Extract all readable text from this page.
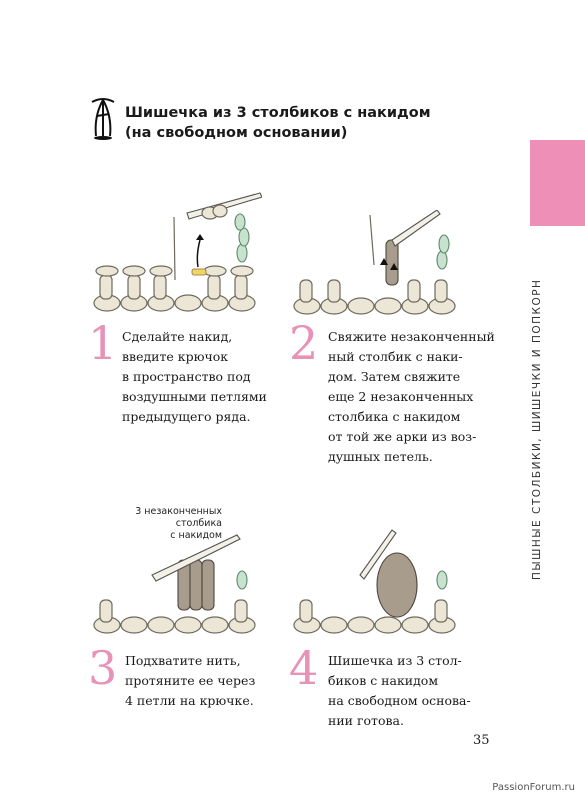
Шишечка из 3 столбиков с накидом
(на свободном основании)
ПЫШНЫЕ СТОЛБИКИ, ШИШЕЧКИ И ПОПКОРН
3 незаконченных
столбика
с накидом
1 Сделайте накид,
введите крючок
в пространство под
воздушными петлями
предыдущего ряда.
2 Свяжите незаконченный
ный столбик с наки-
дом. Затем свяжите
еще 2 незаконченных
столбика с накидом
от той же арки из воз-
душных петель.
3 Подхватите нить,
протяните ее через
4 петли на крючке.
4 Шишечка из 3 стол-
биков с накидом
на свободном основа-
нии готова.
35
PassionForum.ru
